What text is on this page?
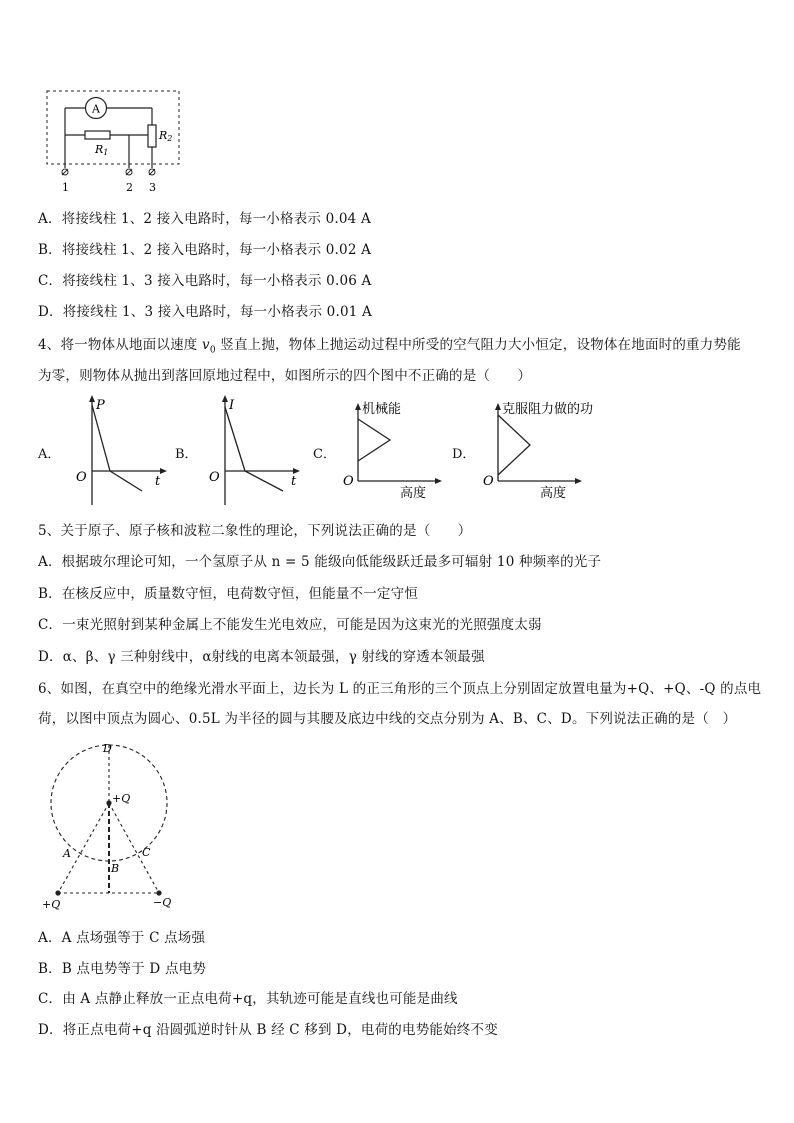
A
R1
R2
1	2 3
A．将接线柱 1、2 接入电路时，每一小格表示 0.04 A
B．将接线柱 1、2 接入电路时，每一小格表示 0.02 A
C．将接线柱 1、3 接入电路时，每一小格表示 0.06 A
D．将接线柱 1、3 接入电路时，每一小格表示 0.01 A
4、将一物体从地面以速度 $v_0$ 竖直上抛，物体上抛运动过程中所受的空气阻力大小恒定，设物体在地面时的重力势能
为零，则物体从抛出到落回原地过程中，如图所示的四个图中不正确的是（　　）
A．
P
t
O
B．
I
t
O
C．
机械能
高度
O
D．
克服阻力做的功
高度
O
5、关于原子、原子核和波粒二象性的理论，下列说法正确的是（　　）
A．根据玻尔理论可知，一个氢原子从 n = 5 能级向低能级跃迁最多可辐射 10 种频率的光子
B．在核反应中，质量数守恒，电荷数守恒，但能量不一定守恒
C．一束光照射到某种金属上不能发生光电效应，可能是因为这束光的光照强度太弱
D．α、β、γ 三种射线中，α射线的电离本领最强，γ 射线的穿透本领最强
6、如图，在真空中的绝缘光滑水平面上，边长为 L 的正三角形的三个顶点上分别固定放置电量为+Q、+Q、-Q 的点电
荷，以图中顶点为圆心、0.5L 为半径的圆与其腰及底边中线的交点分别为 A、B、C、D。下列说法正确的是（　）
D
+Q
A
B
C
+Q	−Q
A．A 点场强等于 C 点场强
B．B 点电势等于 D 点电势
C．由 A 点静止释放一正点电荷+q，其轨迹可能是直线也可能是曲线
D．将正点电荷+q 沿圆弧逆时针从 B 经 C 移到 D，电荷的电势能始终不变
